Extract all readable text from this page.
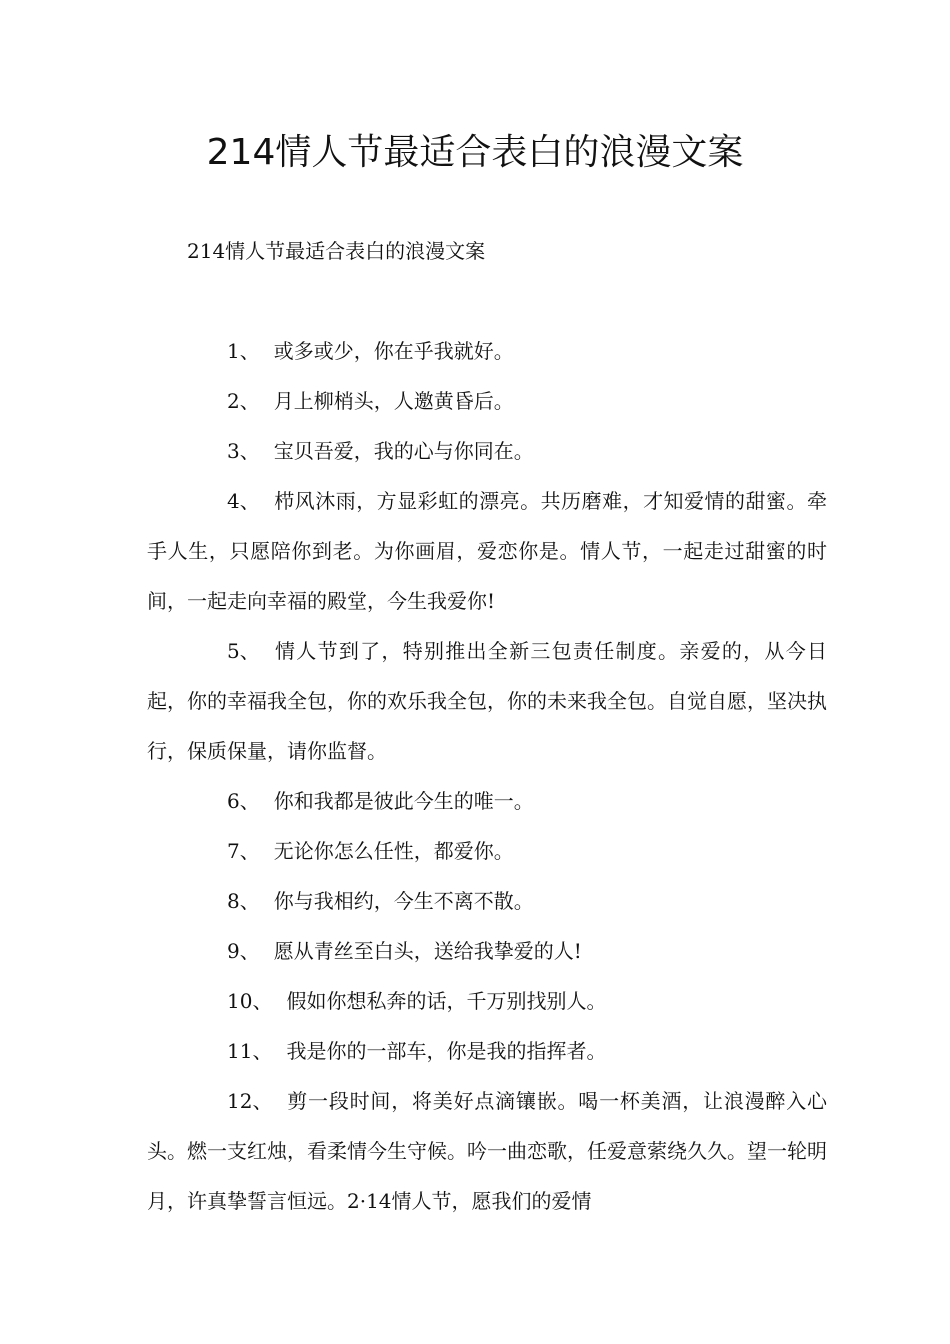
214情人节最适合表白的浪漫文案

214情人节最适合表白的浪漫文案

1、 或多或少，你在乎我就好。

2、 月上柳梢头，人邀黄昏后。

3、 宝贝吾爱，我的心与你同在。

4、 栉风沐雨，方显彩虹的漂亮。共历磨难，才知爱情的甜蜜。牵手人生，只愿陪你到老。为你画眉，爱恋你是。情人节，一起走过甜蜜的时间，一起走向幸福的殿堂，今生我爱你!

5、 情人节到了，特别推出全新三包责任制度。亲爱的，从今日起，你的幸福我全包，你的欢乐我全包，你的未来我全包。自觉自愿，坚决执行，保质保量，请你监督。

6、 你和我都是彼此今生的唯一。

7、 无论你怎么任性，都爱你。

8、 你与我相约，今生不离不散。

9、 愿从青丝至白头，送给我挚爱的人!

10、 假如你想私奔的话，千万别找别人。

11、 我是你的一部车，你是我的指挥者。

12、 剪一段时间，将美好点滴镶嵌。喝一杯美酒，让浪漫醉入心头。燃一支红烛，看柔情今生守候。吟一曲恋歌，任爱意萦绕久久。望一轮明月，许真挚誓言恒远。2·14情人节，愿我们的爱情
